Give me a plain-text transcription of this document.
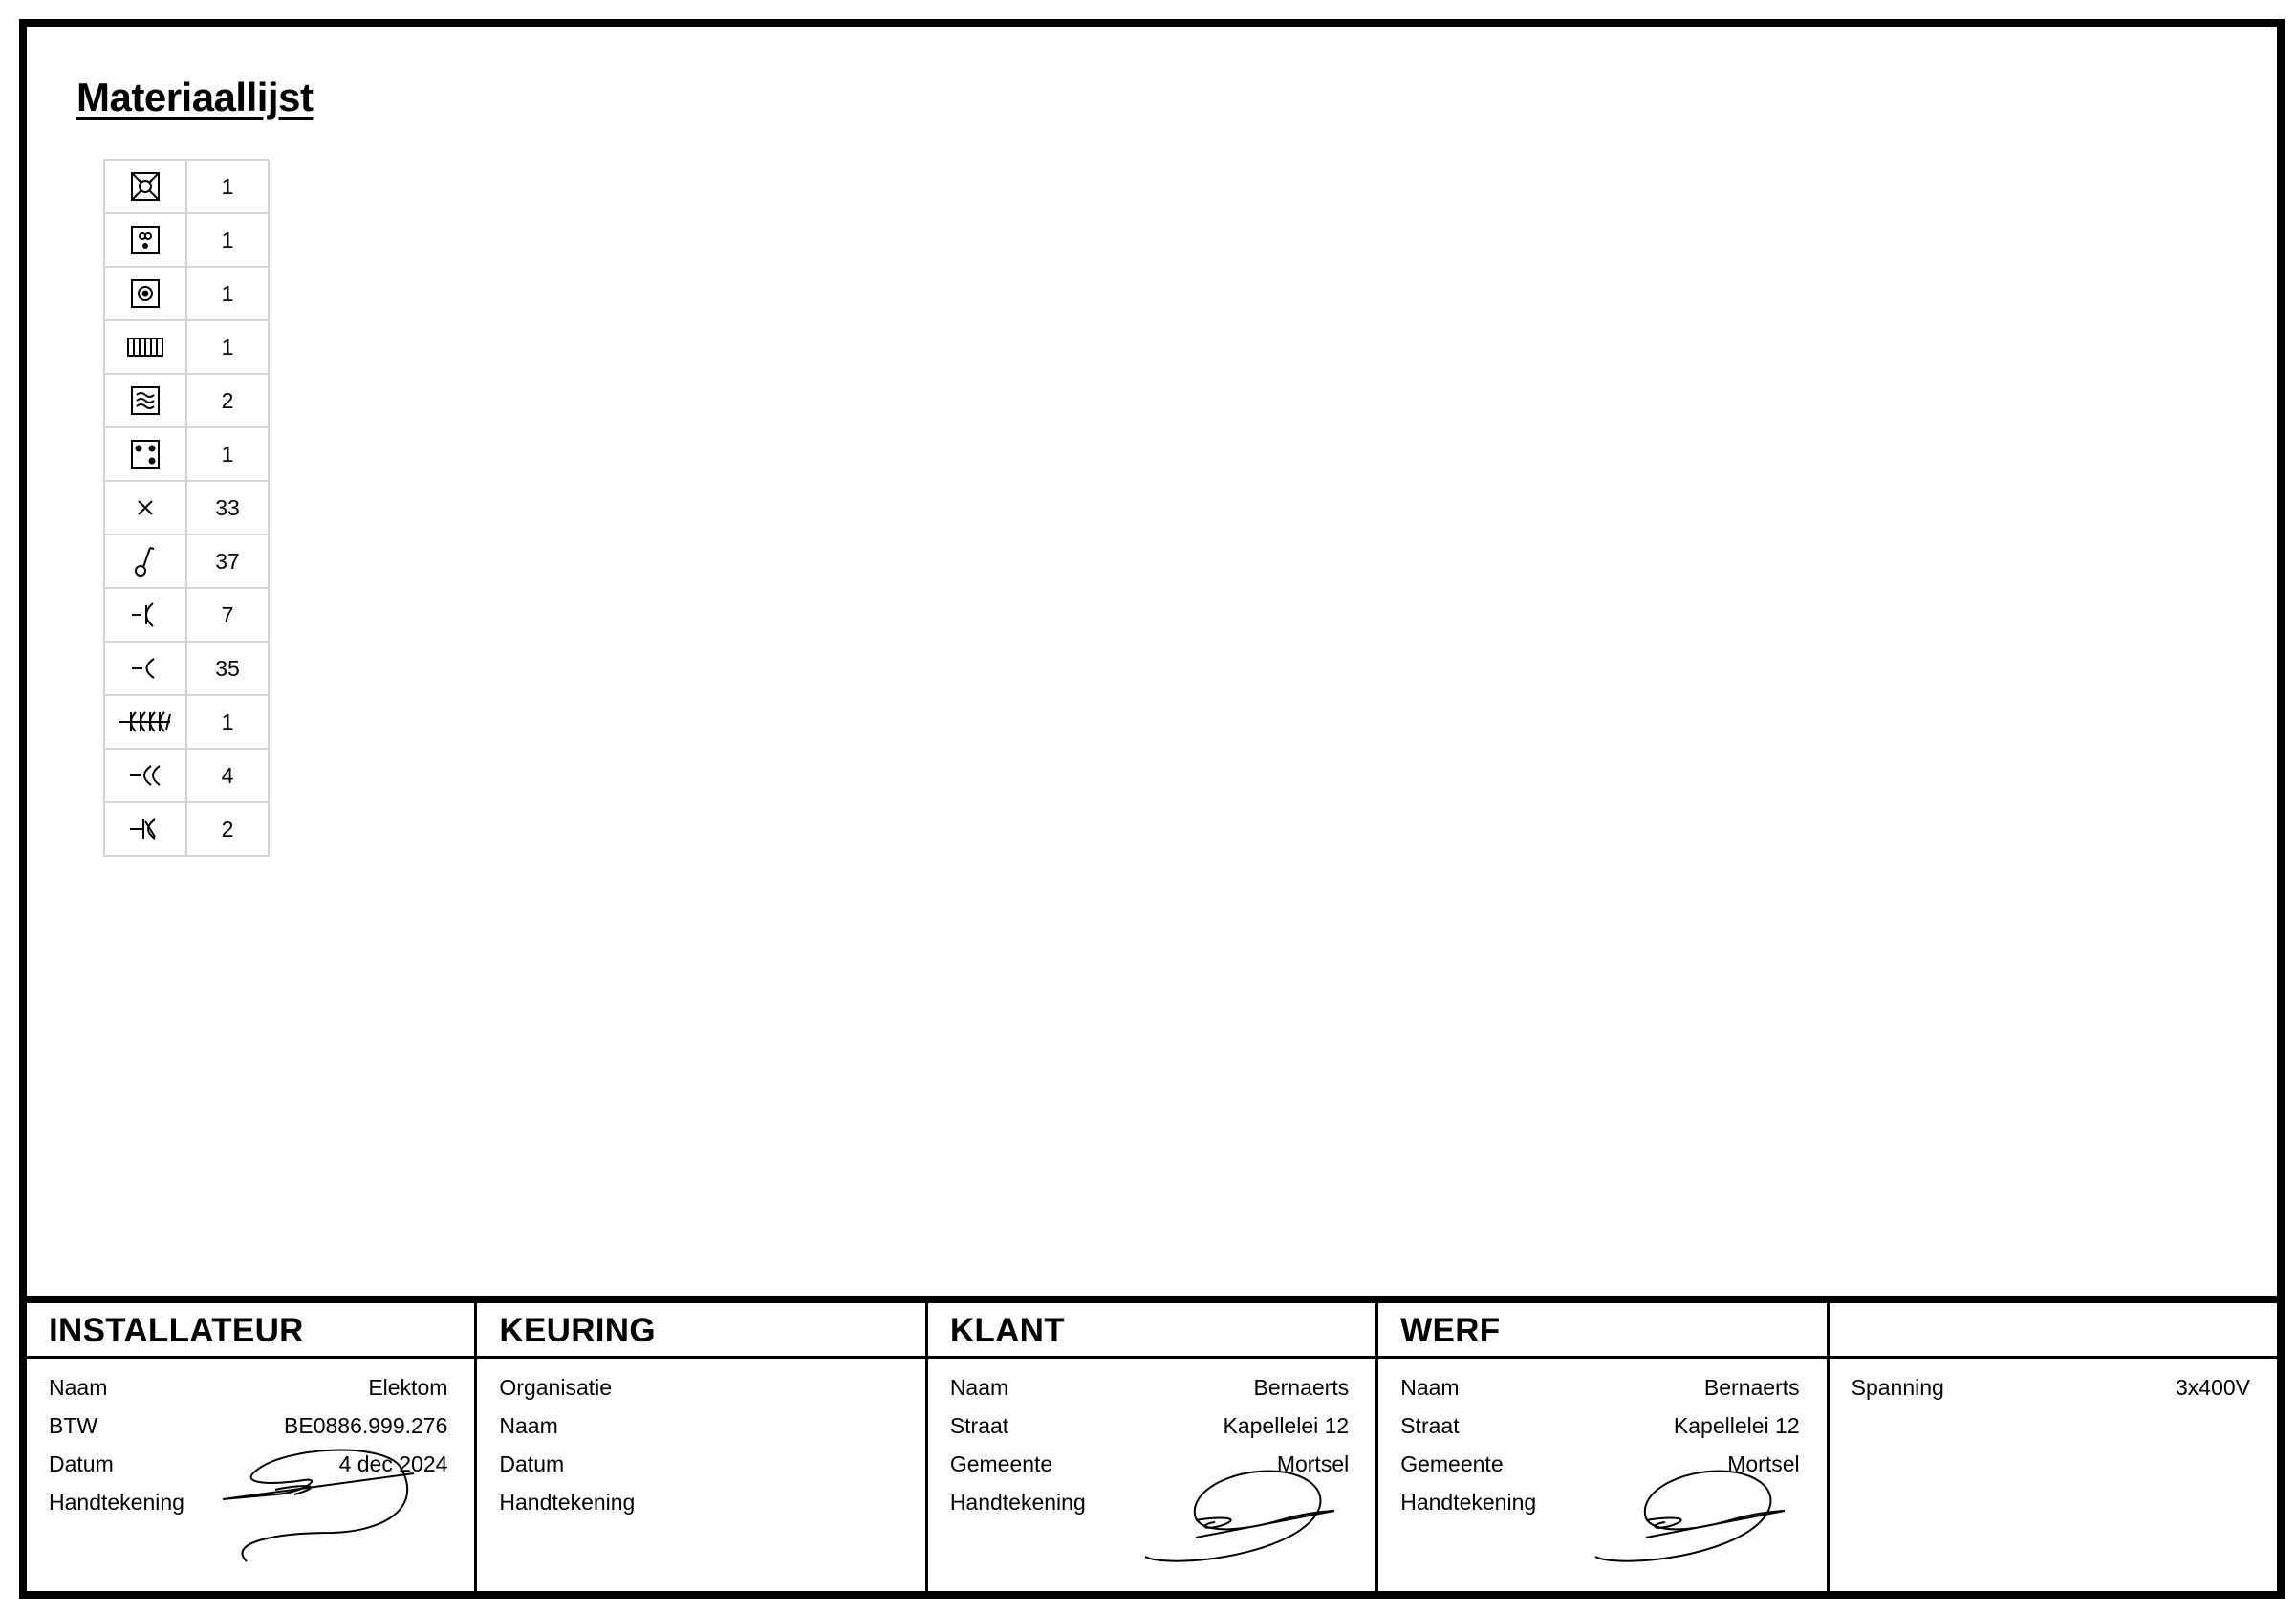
Materiaallijst
	1

	1

	1

	1

	2

	1

	33

	37

	7

	35

	1

	4

	2
INSTALLATEUR
Naam	Elektom
BTW	BE0886.999.276
Datum	4 dec 2024
Handtekening
KEURING
Organisatie
Naam
Datum
Handtekening
KLANT
Naam	Bernaerts
Straat	Kapellelei 12
Gemeente	Mortsel
Handtekening
WERF
Naam	Bernaerts
Straat	Kapellelei 12
Gemeente	Mortsel
Handtekening
Spanning	3x400V
